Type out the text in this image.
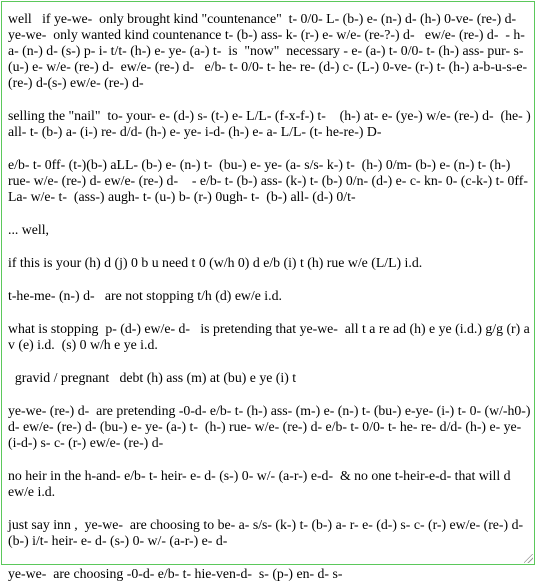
well   if ye-we-  only brought kind "countenance"  t- 0/0- L- (b-) e- (n-) d- (h-) 0-ve- (re-) d-  ye-we-  only wanted kind countenance t- (b-) ass- k- (r-) e- w/e- (re-?-) d-   ew/e- (re-) d-  - h-  a- (n-) d- (s-) p- i- t/t- (h-) e- ye- (a-) t-  is  "now"  necessary - e- (a-) t- 0/0- t- (h-) ass- pur- s- (u-) e- w/e- (re-) d-  ew/e- (re-) d-   e/b- t- 0/0- t- he- re- (d-) c- (L-) 0-ve- (r-) t- (h-) a-b-u-s-e- (re-) d-(s-) ew/e- (re-) d-

selling the "nail"  to- your- e- (d-) s- (t-) e- L/L- (f-x-f-) t-    (h-) at- e- (ye-) w/e- (re-) d-  (he- ) all- t- (b-) a- (i-) re- d/d- (h-) e- ye- i-d- (h-) e- a- L/L- (t- he-re-) D-

e/b- t- 0ff- (t-)(b-) aLL- (b-) e- (n-) t-  (bu-) e- ye- (a- s/s- k-) t-  (h-) 0/m- (b-) e- (n-) t- (h-) rue- w/e- (re-) d- ew/e- (re-) d-    - e/b- t- (b-) ass- (k-) t- (b-) 0/n- (d-) e- c- kn- 0- (c-k-) t- 0ff- La- w/e- t-  (ass-) augh- t- (u-) b- (r-) 0ugh- t-  (b-) all- (d-) 0/t-

... well,

if this is your (h) d (j) 0 b u need t 0 (w/h 0) d e/b (i) t (h) rue w/e (L/L) i.d.

t-he-me- (n-) d-   are not stopping t/h (d) ew/e i.d.

what is stopping  p- (d-) ew/e- d-   is pretending that ye-we-  all t a re ad (h) e ye (i.d.) g/g (r) a v (e) i.d.  (s) 0 w/h e ye i.d.

gravid / pregnant   debt (h) ass (m) at (bu) e ye (i) t

ye-we- (re-) d-  are pretending -0-d- e/b- t- (h-) ass- (m-) e- (n-) t- (bu-) e-ye- (i-) t- 0- (w/-h0-) d- ew/e- (re-) d- (bu-) e- ye- (a-) t-  (h-) rue- w/e- (re-) d- e/b- t- 0/0- t- he- re- d/d- (h-) e- ye- (i-d-) s- c- (r-) ew/e- (re-) d-

no heir in the h-and- e/b- t- heir- e- d- (s-) 0- w/- (a-r-) e-d-  & no one t-heir-e-d- that will d ew/e i.d.

just say inn ,  ye-we-  are choosing to be- a- s/s- (k-) t- (b-) a- r- e- (d-) s- c- (r-) ew/e- (re-) d-  (b-) i/t- heir- e- d- (s-) 0- w/- (a-r-) e- d-

ye-we-  are choosing -0-d- e/b- t- hie-ven-d-  s- (p-) en- d- s-
